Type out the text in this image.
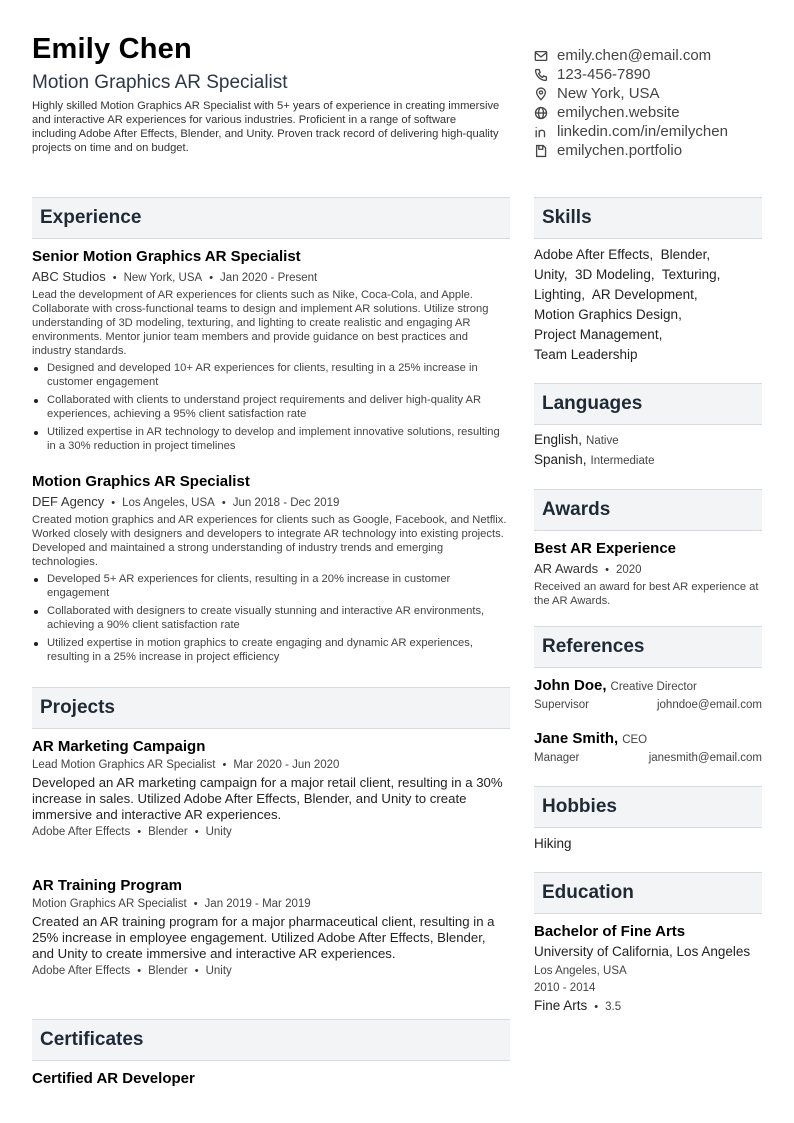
Emily Chen
Motion Graphics AR Specialist
Highly skilled Motion Graphics AR Specialist with 5+ years of experience in creating immersive and interactive AR experiences for various industries. Proficient in a range of software including Adobe After Effects, Blender, and Unity. Proven track record of delivering high-quality projects on time and on budget.
emily.chen@email.com
123-456-7890
New York, USA
emilychen.website
linkedin.com/in/emilychen
emilychen.portfolio
Experience
Senior Motion Graphics AR Specialist
ABC Studios • New York, USA • Jan 2020 - Present
Lead the development of AR experiences for clients such as Nike, Coca-Cola, and Apple. Collaborate with cross-functional teams to design and implement AR solutions. Utilize strong understanding of 3D modeling, texturing, and lighting to create realistic and engaging AR environments. Mentor junior team members and provide guidance on best practices and industry standards.
Designed and developed 10+ AR experiences for clients, resulting in a 25% increase in customer engagement
Collaborated with clients to understand project requirements and deliver high-quality AR experiences, achieving a 95% client satisfaction rate
Utilized expertise in AR technology to develop and implement innovative solutions, resulting in a 30% reduction in project timelines
Motion Graphics AR Specialist
DEF Agency • Los Angeles, USA • Jun 2018 - Dec 2019
Created motion graphics and AR experiences for clients such as Google, Facebook, and Netflix. Worked closely with designers and developers to integrate AR technology into existing projects. Developed and maintained a strong understanding of industry trends and emerging technologies.
Developed 5+ AR experiences for clients, resulting in a 20% increase in customer engagement
Collaborated with designers to create visually stunning and interactive AR environments, achieving a 90% client satisfaction rate
Utilized expertise in motion graphics to create engaging and dynamic AR experiences, resulting in a 25% increase in project efficiency
Projects
AR Marketing Campaign
Lead Motion Graphics AR Specialist • Mar 2020 - Jun 2020
Developed an AR marketing campaign for a major retail client, resulting in a 30% increase in sales. Utilized Adobe After Effects, Blender, and Unity to create immersive and interactive AR experiences.
Adobe After Effects • Blender • Unity
AR Training Program
Motion Graphics AR Specialist • Jan 2019 - Mar 2019
Created an AR training program for a major pharmaceutical client, resulting in a 25% increase in employee engagement. Utilized Adobe After Effects, Blender, and Unity to create immersive and interactive AR experiences.
Adobe After Effects • Blender • Unity
Certificates
Certified AR Developer
Skills
Adobe After Effects, Blender,
Unity, 3D Modeling, Texturing,
Lighting, AR Development,
Motion Graphics Design,
Project Management,
Team Leadership
Languages
English, Native
Spanish, Intermediate
Awards
Best AR Experience
AR Awards • 2020
Received an award for best AR experience at the AR Awards.
References
John Doe, Creative Director
Supervisor	johndoe@email.com
Jane Smith, CEO
Manager	janesmith@email.com
Hobbies
Hiking
Education
Bachelor of Fine Arts
University of California, Los Angeles
Los Angeles, USA
2010 - 2014
Fine Arts • 3.5
